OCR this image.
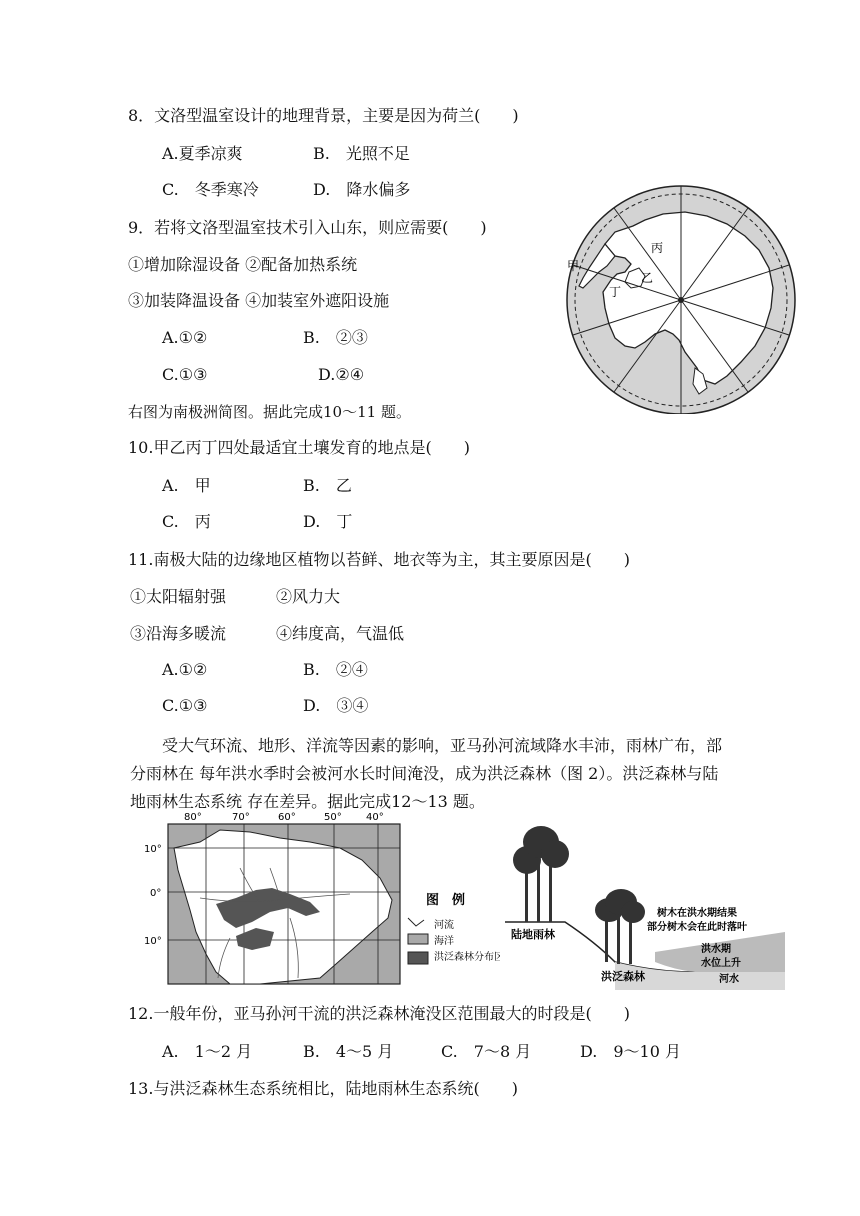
8．文洛型温室设计的地理背景，主要是因为荷兰(　　)
A.夏季凉爽	B.　光照不足
C.　冬季寒冷	D.　降水偏多
9．若将文洛型温室技术引入山东，则应需要(　　)
①增加除湿设备 ②配备加热系统
③加装降温设备 ④加装室外遮阳设施
A.①②	B.　②③
C.①③	D.②④
甲
乙
丙
丁
右图为南极洲简图。据此完成10～11 题。
10.甲乙丙丁四处最适宜土壤发育的地点是(　　)
A.　甲	B.　乙
C.　丙	D.　丁
11.南极大陆的边缘地区植物以苔鲜、地衣等为主，其主要原因是(　　)
①太阳辐射强	②风力大
③沿海多暖流	④纬度高，气温低
A.①②	B.　②④
C.①③	D.　③④
受大气环流、地形、洋流等因素的影响，亚马孙河流域降水丰沛，雨林广布，部分雨林在 每年洪水季时会被河水长时间淹没，成为洪泛森林（图 2）。洪泛森林与陆地雨林生态系统 存在差异。据此完成12～13 题。
80°	70°	60°	50° 40°
10°
0°
10°
图　例
河流
海洋
洪泛森林分布区
陆地雨林
洪泛森林
树木在洪水期结果
部分树木会在此时落叶
洪水期
水位上升
河水
12.一般年份，亚马孙河干流的洪泛森林淹没区范围最大的时段是(　　)
A.　1～2 月	B.　4～5 月	C.　7～8 月	D.　9～10 月
13.与洪泛森林生态系统相比，陆地雨林生态系统(　　)
